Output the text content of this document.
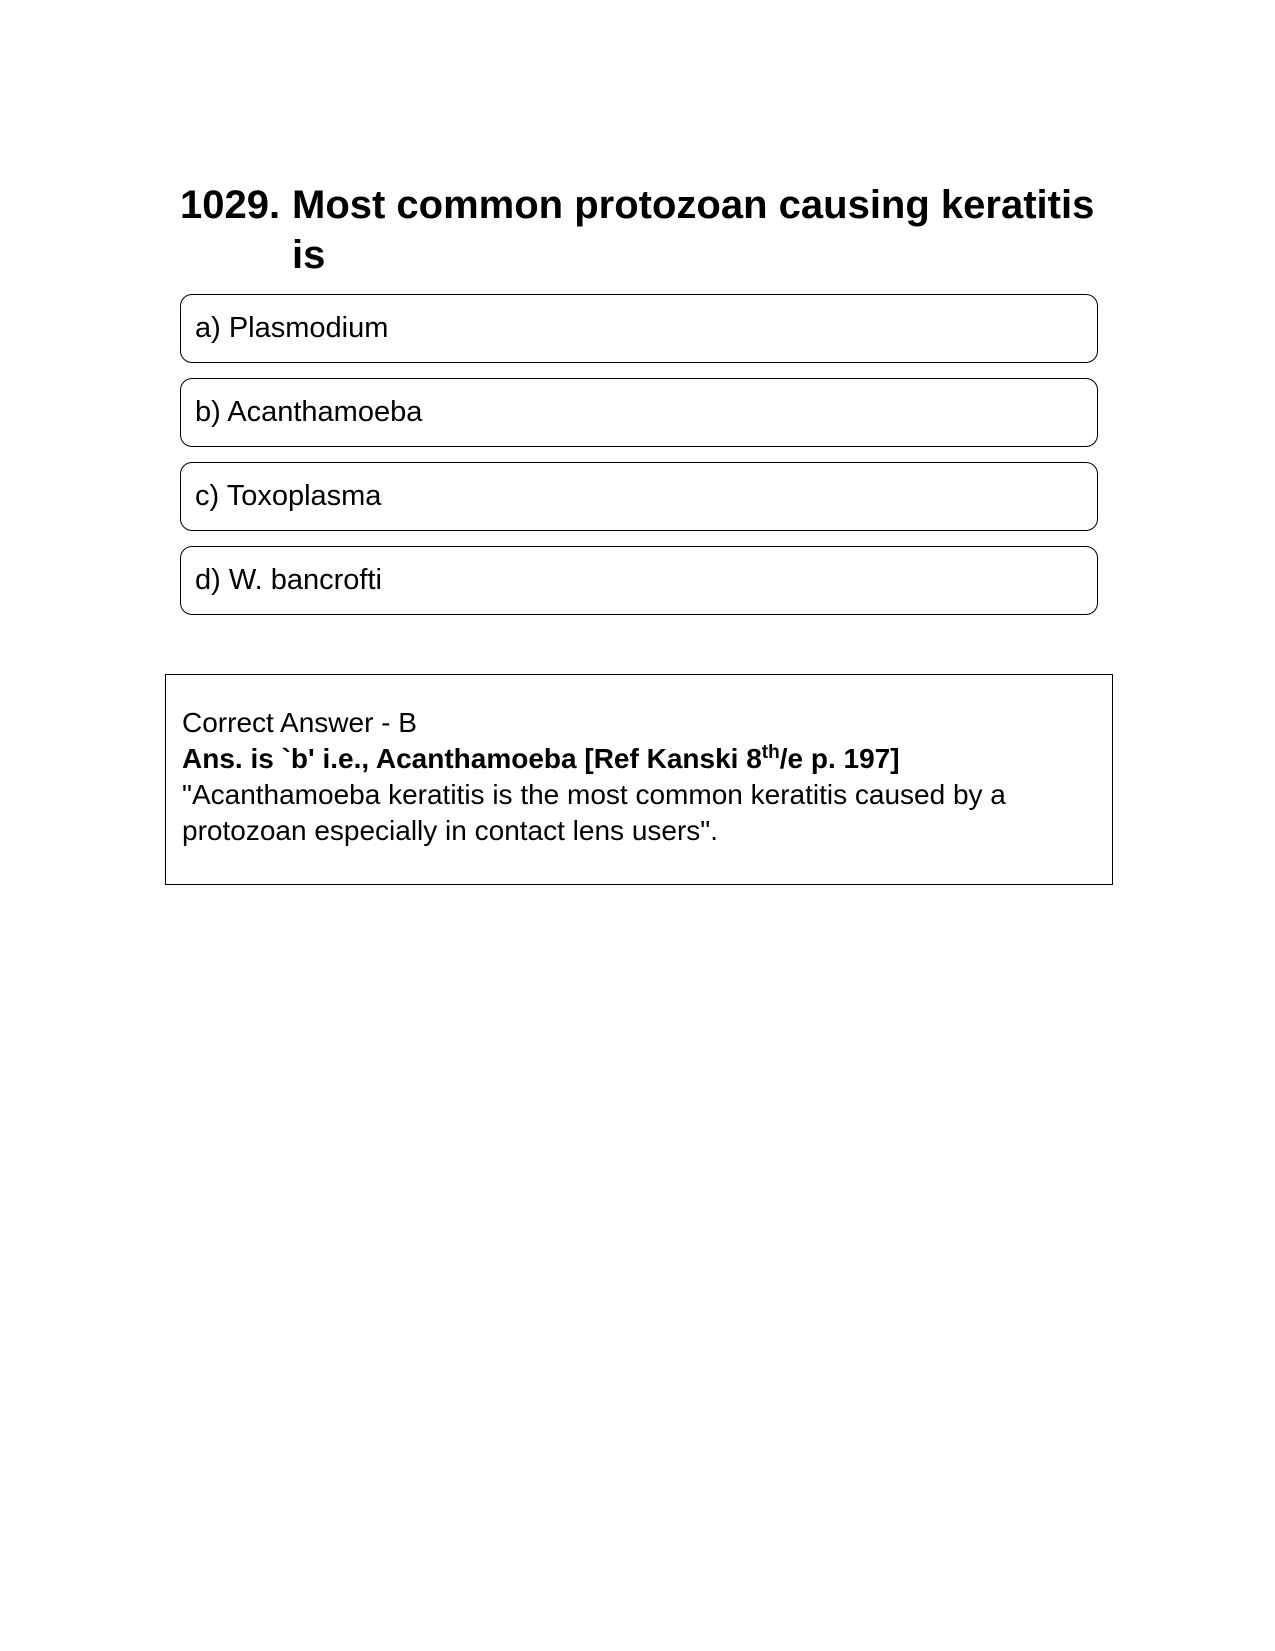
1029. Most common protozoan causing keratitis is
a) Plasmodium
b) Acanthamoeba
c) Toxoplasma
d) W. bancrofti

Correct Answer - B

Ans. is `b' i.e., Acanthamoeba [Ref Kanski 8th/e p. 197]

"Acanthamoeba keratitis is the most common keratitis caused by a protozoan especially in contact lens users".
